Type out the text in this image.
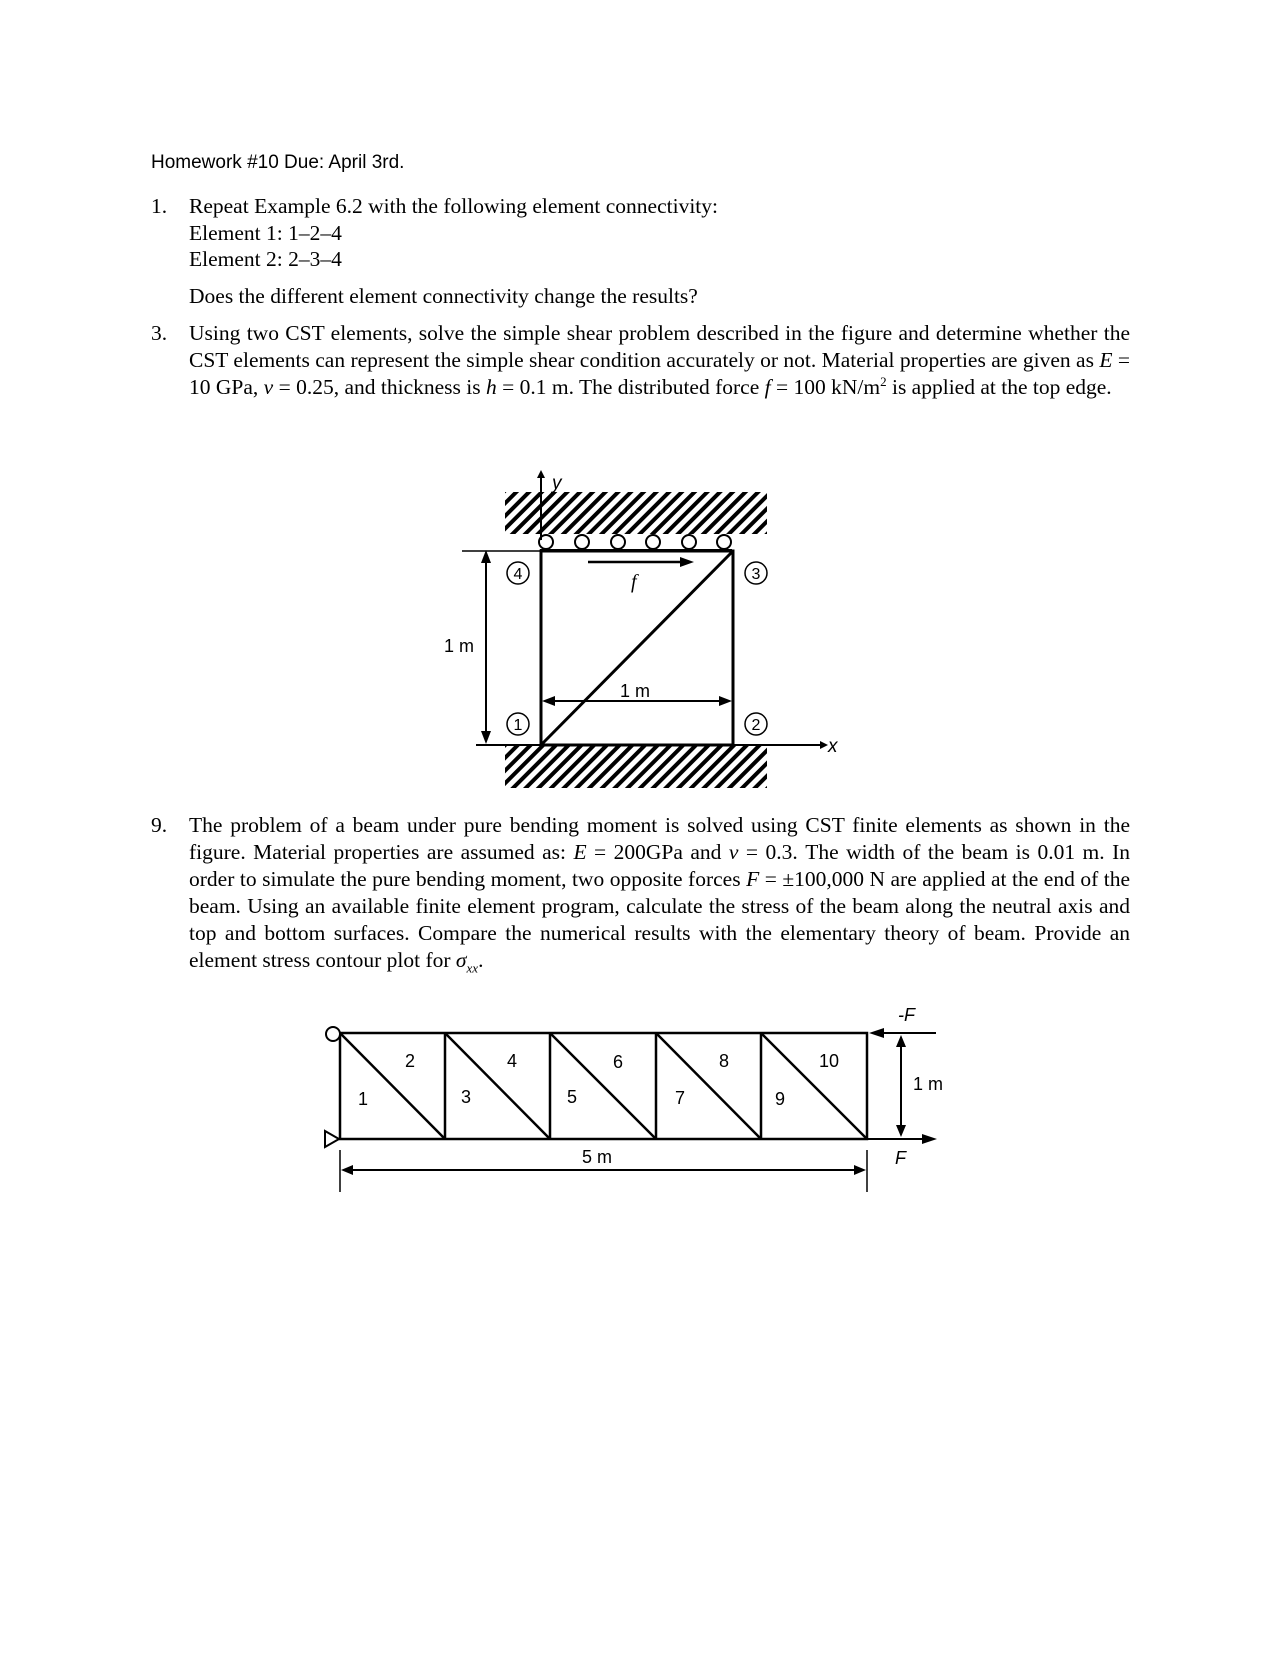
Homework #10 Due: April 3rd.
1. Repeat Example 6.2 with the following element connectivity:
Element 1: 1–2–4
Element 2: 2–3–4
Does the different element connectivity change the results?
3. Using two CST elements, solve the simple shear problem described in the figure and determine whether the CST elements can represent the simple shear condition accurately or not. Material properties are given as E = 10 GPa, ν = 0.25, and thickness is h = 0.1 m. The distributed force f = 100 $kN/m^2$ is applied at the top edge.
x
y
f
1 m
1 m
1	2
3
4
9. The problem of a beam under pure bending moment is solved using CST finite elements as shown in the figure. Material properties are assumed as: E = 200GPa and ν = 0.3. The width of the beam is 0.01 m. In order to simulate the pure bending moment, two opposite forces F = ±100,000 N are applied at the end of the beam. Using an available finite element program, calculate the stress of the beam along the neutral axis and top and bottom surfaces. Compare the numerical results with the elementary theory of beam. Provide an element stress contour plot for $\sigma_{xx}$.
-F
F
1 m
5 m
1
2
3
4
5
6
7
8
9
10
